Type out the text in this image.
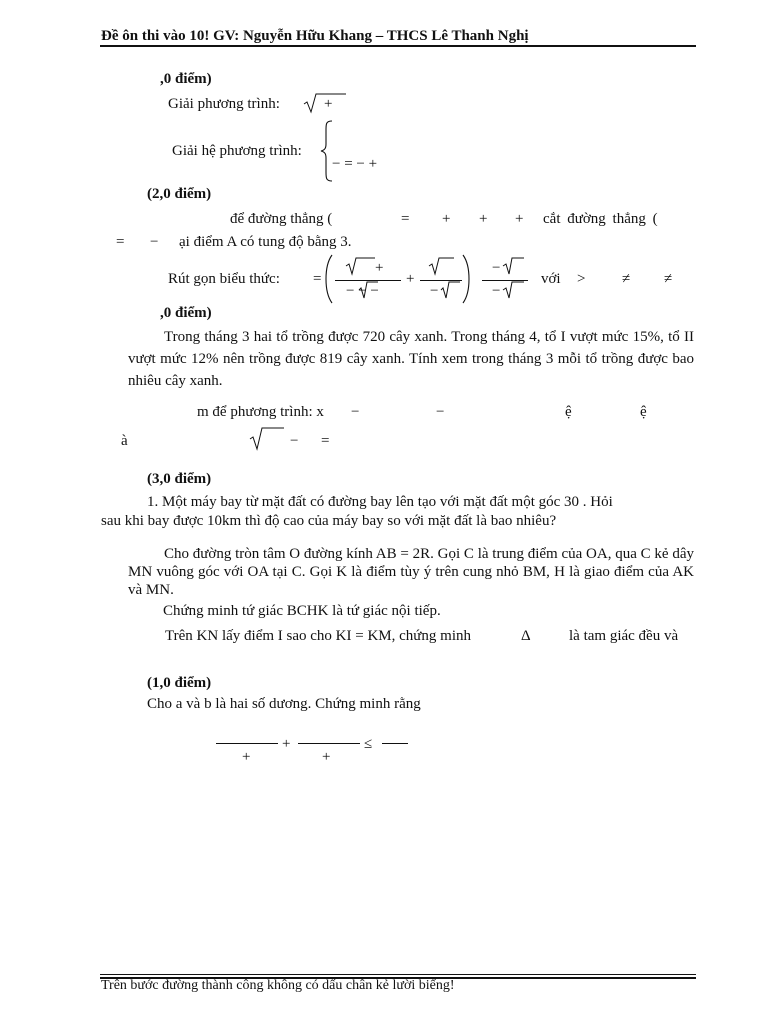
Đề ôn thi vào 10! GV: Nguyễn Hữu Khang – THCS Lê Thanh Nghị
,0 điểm)
Giải phương trình:	+
Giải hệ phương trình:
− = − +
(2,0 điểm)
để đường thẳng (	= + + + cắt đường thẳng (
= − ại điểm A có tung độ bằng 3.
Rút gọn biểu thức: =
+
− − −
+
−
−
−
với > ≠ ≠
,0 điểm)
Trong tháng 3 hai tổ trồng được 720 cây xanh. Trong tháng 4, tổ I vượt mức 15%, tổ II vượt mức 12% nên trồng được 819 cây xanh. Tính xem trong tháng 3 mỗi tổ trồng được bao nhiêu cây xanh.
m để phương trình: x −	−	ệ	ệ
à	− =
(3,0 điểm)
1. Một máy bay từ mặt đất có đường bay lên tạo với mặt đất một góc 30 . Hỏi
sau khi bay được 10km thì độ cao của máy bay so với mặt đất là bao nhiêu?
Cho đường tròn tâm O đường kính AB = 2R. Gọi C là trung điểm của OA, qua C kẻ dây MN vuông góc với OA tại C. Gọi K là điểm tùy ý trên cung nhỏ BM, H là giao điểm của AK và MN.
Chứng minh tứ giác BCHK là tứ giác nội tiếp.
Trên KN lấy điểm I sao cho KI = KM, chứng minh	Δ	là tam giác đều và
(1,0 điểm)
Cho a và b là hai số dương. Chứng minh rằng
+	≤
+	+
Trên bước đường thành công không có dấu chân kẻ lười biếng!
